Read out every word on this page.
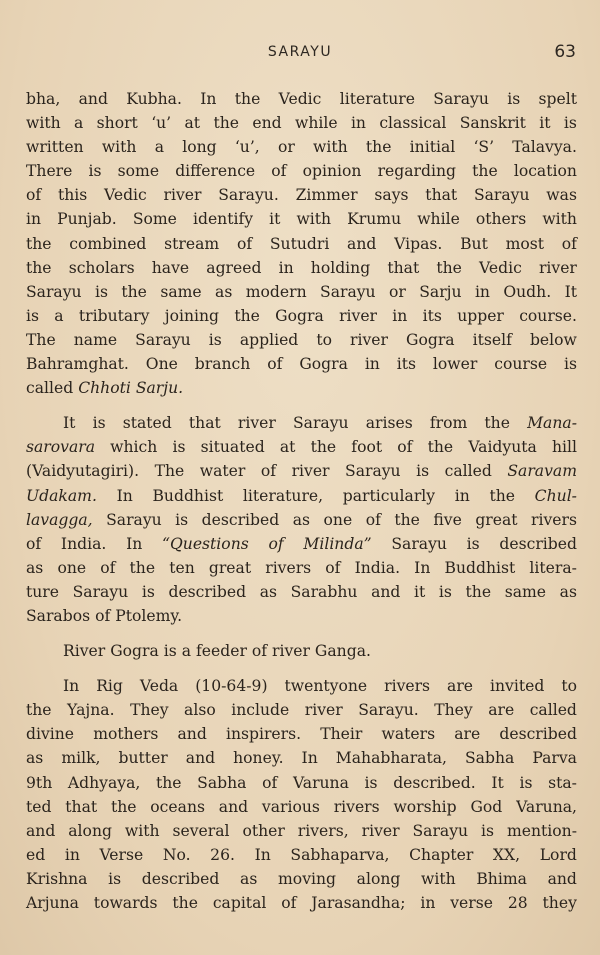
SARAYU	63
bha, and Kubha. In the Vedic literature Sarayu is spelt
with a short ‘u’ at the end while in classical Sanskrit it is
written with a long ‘u’, or with the initial ‘S’ Talavya.
There is some difference of opinion regarding the location
of this Vedic river Sarayu. Zimmer says that Sarayu was
in Punjab. Some identify it with Krumu while others with
the combined stream of Sutudri and Vipas. But most of
the scholars have agreed in holding that the Vedic river
Sarayu is the same as modern Sarayu or Sarju in Oudh. It
is a tributary joining the Gogra river in its upper course.
The name Sarayu is applied to river Gogra itself below
Bahramghat. One branch of Gogra in its lower course is
called
Chhoti
Sarju.
It is stated that river Sarayu arises from the Mana-
sarovara which is situated at the foot of the Vaidyuta hill
(Vaidyutagiri). The water of river Sarayu is called Saravam
Udakam. In Buddhist literature, particularly in the Chul-
lavagga, Sarayu is described as one of the five great rivers
of India. In “Questions of Milinda” Sarayu is described
as one of the ten great rivers of India. In Buddhist litera-
ture Sarayu is described as Sarabhu and it is the same as
Sarabos
of
Ptolemy.
River
Gogra
is
a
feeder
of
river
Ganga.
In Rig Veda (10-64-9) twentyone rivers are invited to
the Yajna. They also include river Sarayu. They are called
divine mothers and inspirers. Their waters are described
as milk, butter and honey. In Mahabharata, Sabha Parva
9th Adhyaya, the Sabha of Varuna is described. It is sta-
ted that the oceans and various rivers worship God Varuna,
and along with several other rivers, river Sarayu is mention-
ed in Verse No. 26. In Sabhaparva, Chapter XX, Lord
Krishna is described as moving along with Bhima and
Arjuna towards the capital of Jarasandha; in verse 28 they
